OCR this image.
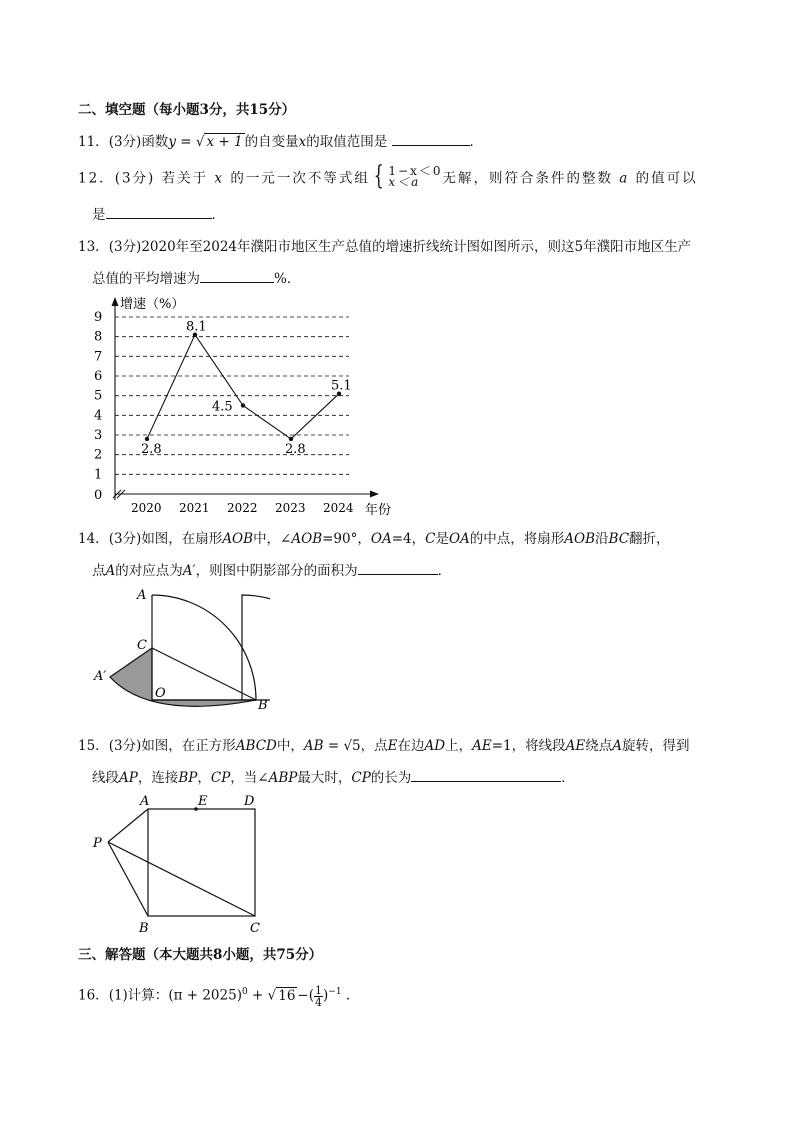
二、填空题（每小题3分，共15分）
11．(3分)函数y = √ x + 1 的自变量x的取值范围是	．
12．(3分) 若关于 x 的一元一次不等式组 { 1−x＜0
x＜a	无解，则符合条件的整数 a 的值可以
是	．
13．(3分)2020年至2024年濮阳市地区生产总值的增速折线统计图如图所示，则这5年濮阳市地区生产
总值的平均增速为	%．
0
1
2
3
4
5
6
7
8
9
2020 2021 2022 2023 2024
2.8
8.1
4.5
2.8
5.1
增速（%）
年份
14．(3分)如图，在扇形AOB中，∠AOB=90°，OA=4，C是OA的中点，将扇形AOB沿BC翻折，
点A的对应点为A′，则图中阴影部分的面积为	．
A
C
A′
O
B
15．(3分)如图，在正方形ABCD中，AB = √5，点E在边AD上，AE=1，将线段AE绕点A旋转，得到
线段AP，连接BP，CP，当∠ABP最大时，CP的长为	．
A	E	D
P
B	C
三、解答题（本大题共8小题，共75分）
16．(1)计算：$(\pi + 2025)^0$ + √ 16 −( $\frac{1}{4} )^{-1}$ ．
